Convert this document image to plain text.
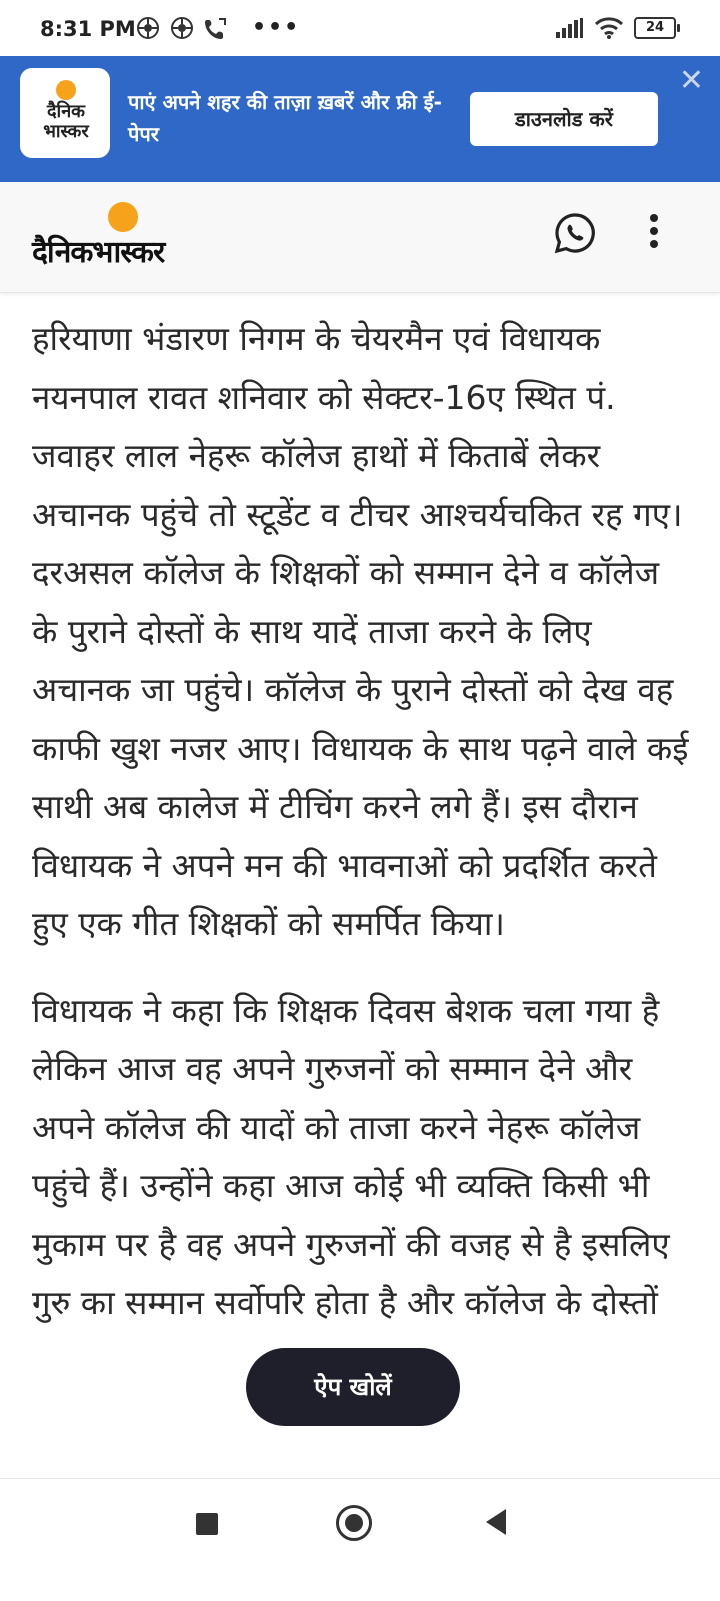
8:31 PM	•••	24
दैनिक भास्कर
पाएं अपने शहर की ताज़ा ख़बरें और फ्री ई-पेपर
डाउनलोड करें
✕
दैनिकभास्कर

हरियाणा भंडारण निगम के चेयरमैन एवं विधायक नयनपाल रावत शनिवार को सेक्टर-16ए स्थित पं. जवाहर लाल नेहरू कॉलेज हाथों में किताबें लेकर अचानक पहुंचे तो स्टूडेंट व टीचर आश्चर्यचकित रह गए। दरअसल कॉलेज के शिक्षकों को सम्मान देने व कॉलेज के पुराने दोस्तों के साथ यादें ताजा करने के लिए अचानक जा पहुंचे। कॉलेज के पुराने दोस्तों को देख वह काफी खुश नजर आए। विधायक के साथ पढ़ने वाले कई साथी अब कालेज में टीचिंग करने लगे हैं। इस दौरान विधायक ने अपने मन की भावनाओं को प्रदर्शित करते हुए एक गीत शिक्षकों को समर्पित किया।

विधायक ने कहा कि शिक्षक दिवस बेशक चला गया है लेकिन आज वह अपने गुरुजनों को सम्मान देने और अपने कॉलेज की यादों को ताजा करने नेहरू कॉलेज पहुंचे हैं। उन्होंने कहा आज कोई भी व्यक्ति किसी भी मुकाम पर है वह अपने गुरुजनों की वजह से है इसलिए गुरु का सम्मान सर्वोपरि होता है और कॉलेज के दोस्तों

ऐप खोलें
